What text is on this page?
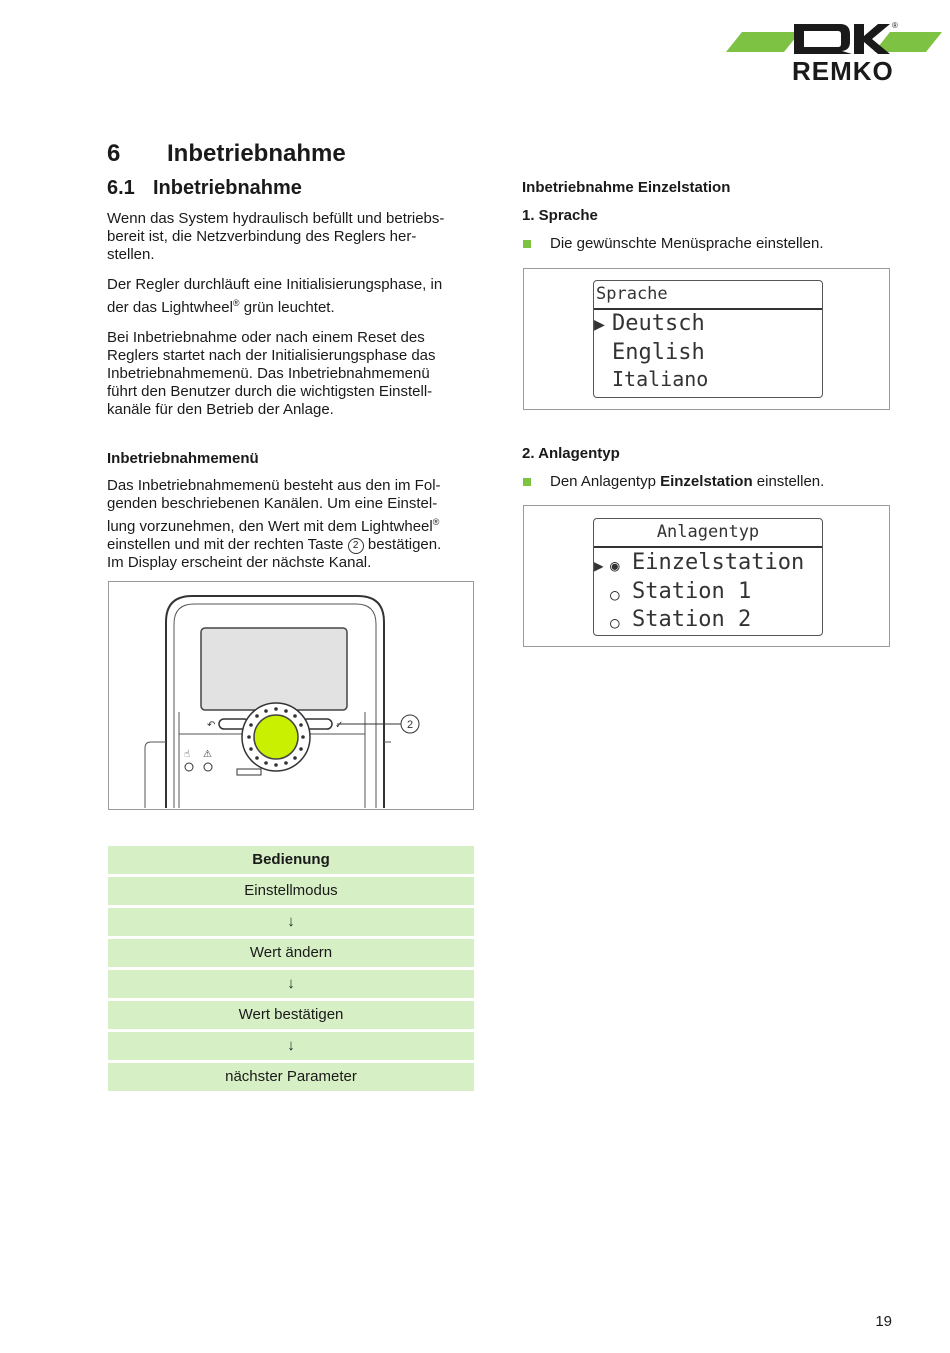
®
REMKO
6 Inbetriebnahme
6.1 Inbetriebnahme

Wenn das System hydraulisch befüllt und betriebs-
bereit ist, die Netzverbindung des Reglers her-
stellen.

Der Regler durchläuft eine Initialisierungsphase, in
der das Lightwheel® grün leuchtet.

Bei Inbetriebnahme oder nach einem Reset des
Reglers startet nach der Initialisierungsphase das
Inbetriebnahmemenü. Das Inbetriebnahmemenü
führt den Benutzer durch die wichtigsten Einstell-
kanäle für den Betrieb der Anlage.

Inbetriebnahmemenü

Das Inbetriebnahmemenü besteht aus den im Fol-
genden beschriebenen Kanälen. Um eine Einstel-
lung vorzunehmen, den Wert mit dem Lightwheel®
einstellen und mit der rechten Taste 2 bestätigen.
Im Display erscheint der nächste Kanal.

↶	✓
☝ ⚠
2
Bedienung
Einstellmodus
↓
Wert ändern
↓
Wert bestätigen
↓
nächster Parameter

Inbetriebnahme Einzelstation

1. Sprache

Die gewünschte Menüsprache einstellen.
Sprache
▶ Deutsch
English
Italiano

2. Anlagentyp

Den Anlagentyp Einzelstation einstellen.
Anlagentyp
▶ ◉ Einzelstation
○ Station 1
○ Station 2
19
